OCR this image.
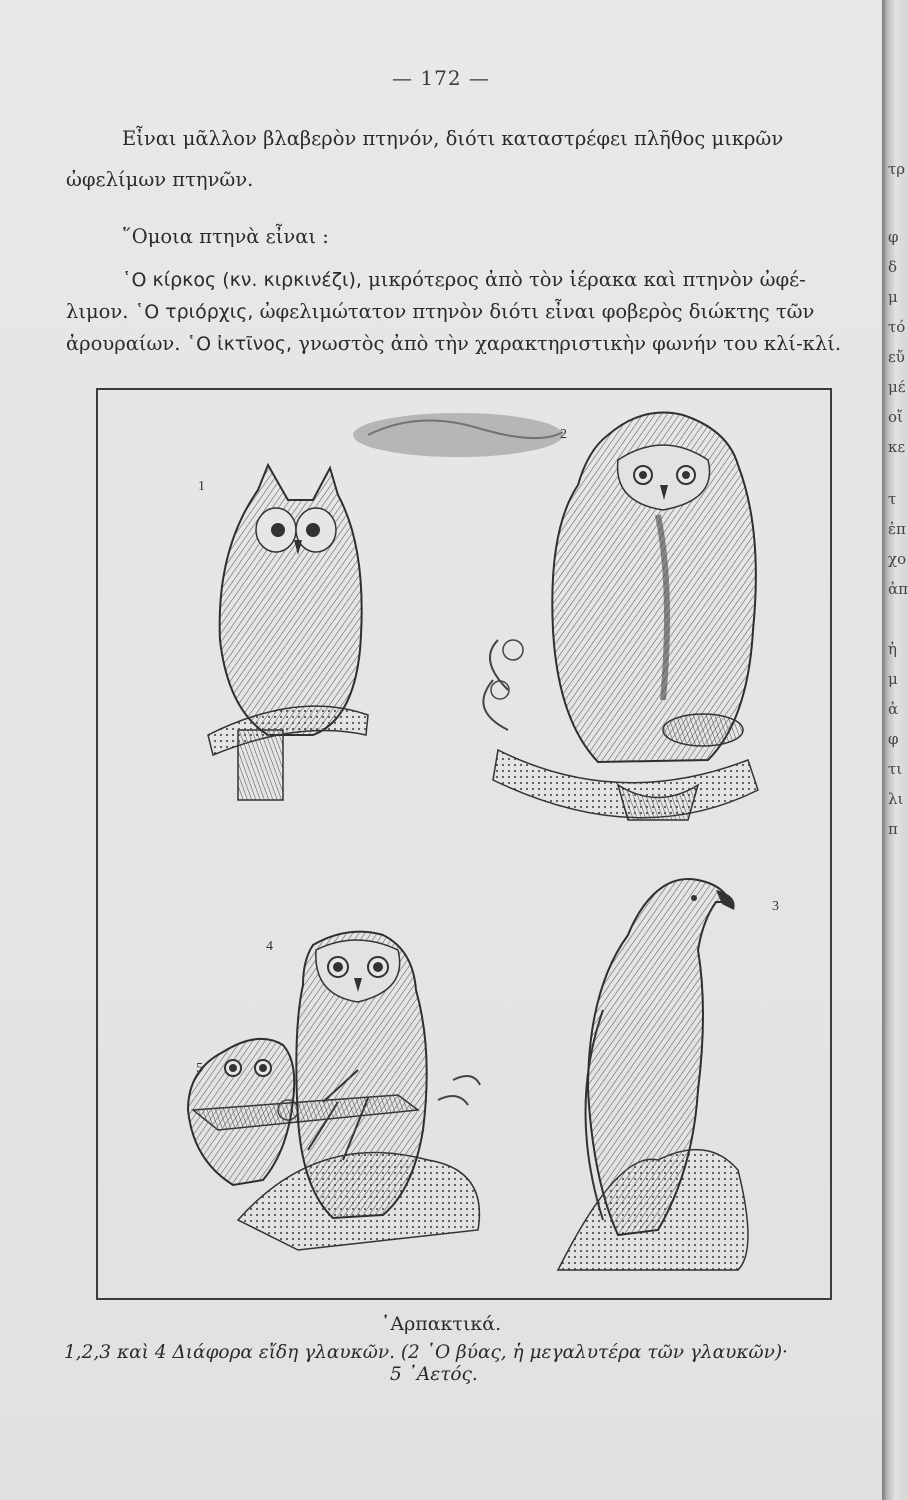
— 172 —
Εἶναι μᾶλλον βλαβερὸν πτηνόν, διότι καταστρέφει πλῆθος μικρῶν
ὠφελίμων πτηνῶν.
῞Ομοια πτηνὰ εἶναι :
῾Ο κίρκος (κν. κιρκινέζι), μικρότερος ἀπὸ τὸν ἱέρακα καὶ πτηνὸν ὠφέ-
λιμον. ῾Ο τριόρχις, ὠφελιμώτατον πτηνὸν διότι εἶναι φοβερὸς διώκτης τῶν
ἀρουραίων. ῾Ο ἰκτῖνος, γνωστὸς ἀπὸ τὴν χαρακτηριστικὴν φωνήν του κλί-κλί.
1
2
3
4
5
῾Αρπακτικά.
1,2,3 καὶ 4 Διάφορα εἴδη γλαυκῶν. (2 ῾Ο βύας, ἡ μεγαλυτέρα τῶν γλαυκῶν)·
5 ᾿Αετός.
τρ
φ
δ
μ
τό
εὔ
μέ
οἴ
κε
τ
ἐπ
χο
ἀπ
ἡ
μ
ἀ
φ
τι
λι
π
